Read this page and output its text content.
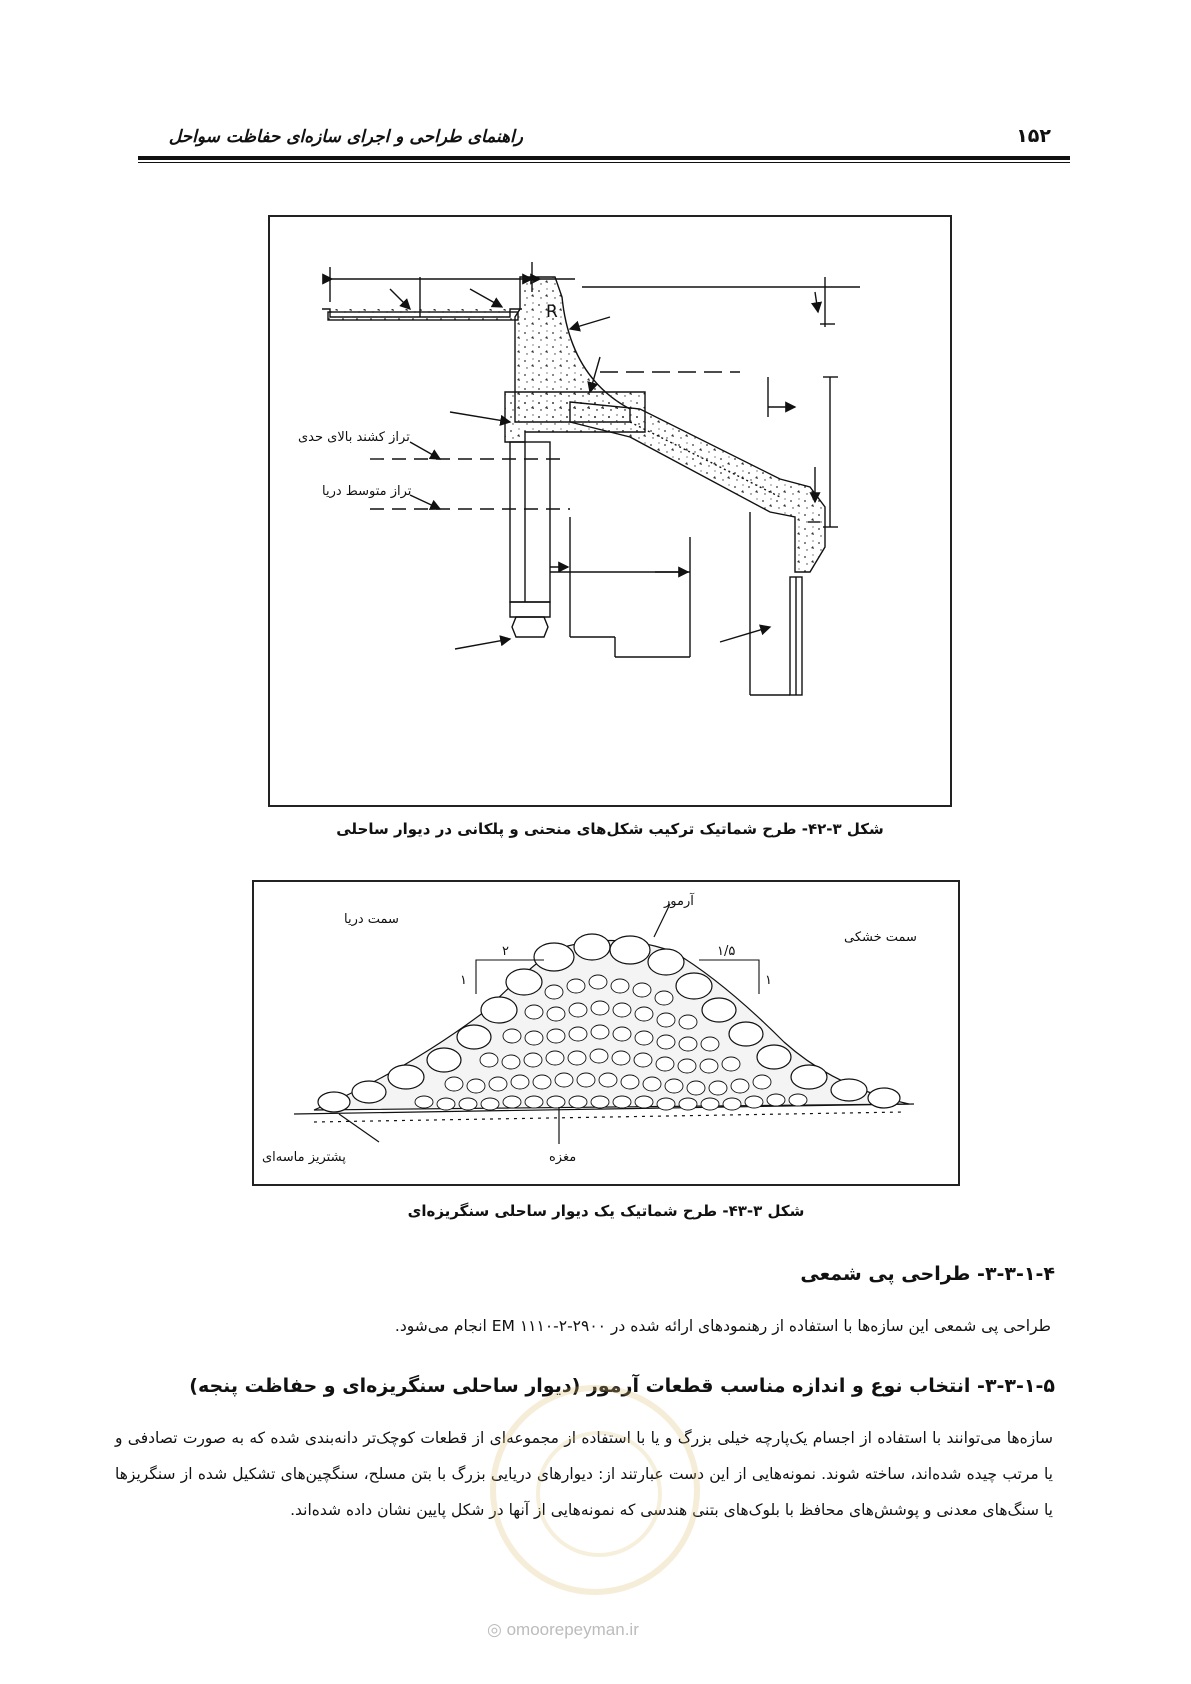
راهنمای طراحی و اجرای سازه‌ای حفاظت سواحل	۱۵۲
R
تراز کشند بالای حدی
تراز متوسط دریا
شکل ۳-۴۲- طرح شماتیک ترکیب شکل‌های منحنی و پلکانی در دیوار ساحلی
۲
۱
۱/۵
۱
سمت دریا
سمت خشکی
آرمور
پشتریز ماسه‌ای	مغزه
شکل ۳-۴۳- طرح شماتیک یک دیوار ساحلی سنگریزه‌ای
۳-۳-۱-۴- طراحی پی شمعی
طراحی پی شمعی این سازه‌ها با استفاده از رهنمودهای ارائه شده در EM ۱۱۱۰-۲-۲۹۰۰ انجام می‌شود.
۳-۳-۱-۵- انتخاب نوع و اندازه مناسب قطعات آرمور (دیوار ساحلی سنگریزه‌ای و حفاظت پنجه)
سازه‌ها می‌توانند با استفاده از اجسام یک‌پارچه خیلی بزرگ و یا با استفاده از مجموعه‌ای از قطعات کوچک‌تر دانه‌بندی شده که به صورت تصادفی و یا مرتب چیده شده‌اند، ساخته شوند. نمونه‌هایی از این دست عبارتند از: دیوارهای دریایی بزرگ با بتن مسلح، سنگچین‌های تشکیل شده از سنگریزها یا سنگ‌های معدنی و پوشش‌های محافظ با بلوک‌های بتنی هندسی که نمونه‌هایی از آنها در شکل پایین نشان داده شده‌اند.
◎ omoorepeyman.ir
